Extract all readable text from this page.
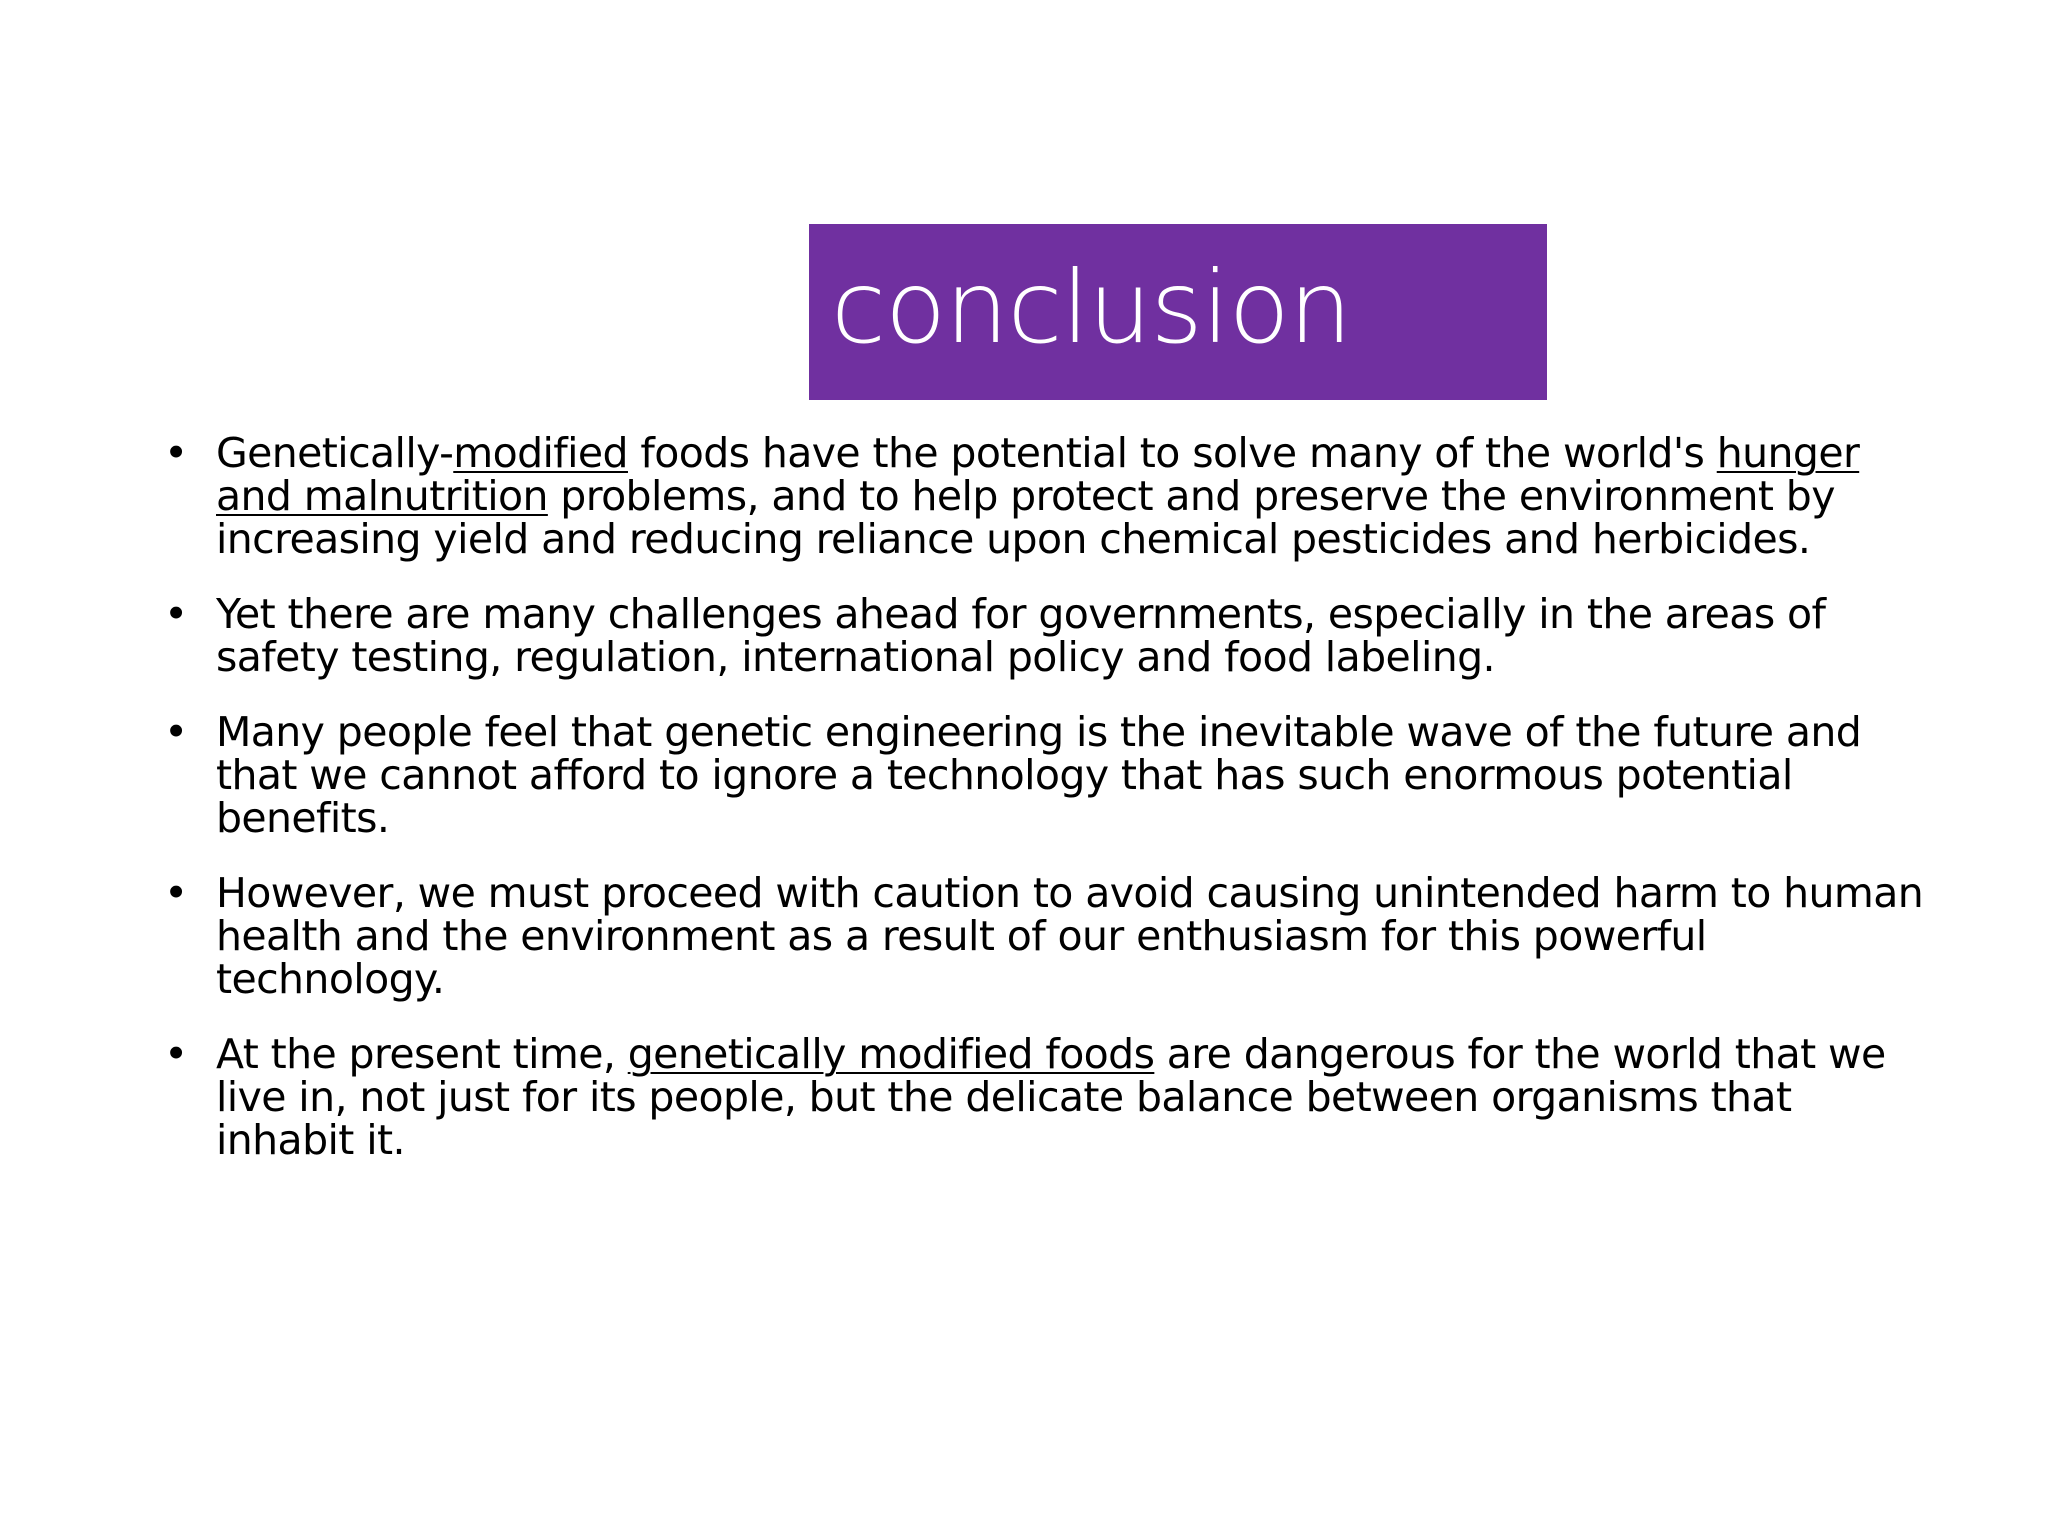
conclusion
• Genetically-modified foods have the potential to solve many of the world's hunger and malnutrition problems, and to help protect and preserve the environment by increasing yield and reducing reliance upon chemical pesticides and herbicides.
• Yet there are many challenges ahead for governments, especially in the areas of safety testing, regulation, international policy and food labeling.
• Many people feel that genetic engineering is the inevitable wave of the future and that we cannot afford to ignore a technology that has such enormous potential benefits.
• However, we must proceed with caution to avoid causing unintended harm to human health and the environment as a result of our enthusiasm for this powerful technology.
• At the present time, genetically modified foods are dangerous for the world that we live in, not just for its people, but the delicate balance between organisms that inhabit it.
